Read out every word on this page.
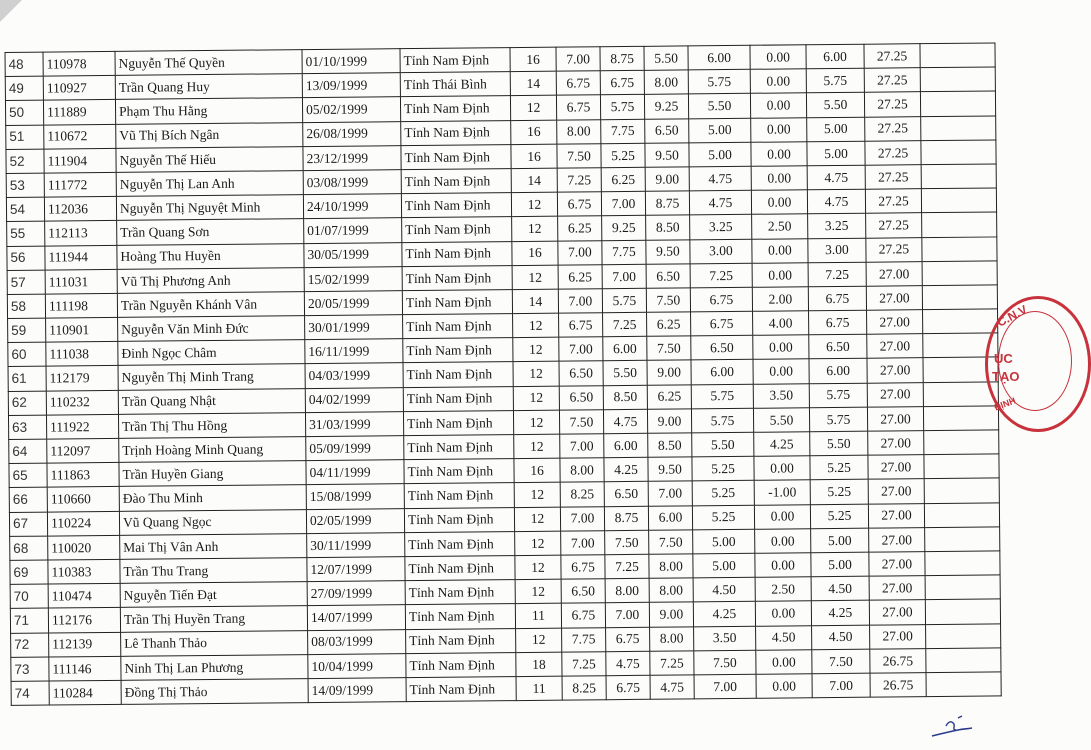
48	110978	Nguyễn Thế Quyền	01/10/1999	Tỉnh Nam Định	16	7.00	8.75	5.50	6.00	0.00	6.00	27.25	
49	110927	Trần Quang Huy	13/09/1999	Tỉnh Thái Bình	14	6.75	6.75	8.00	5.75	0.00	5.75	27.25	
50	111889	Phạm Thu Hằng	05/02/1999	Tỉnh Nam Định	12	6.75	5.75	9.25	5.50	0.00	5.50	27.25	
51	110672	Vũ Thị Bích Ngân	26/08/1999	Tỉnh Nam Định	16	8.00	7.75	6.50	5.00	0.00	5.00	27.25	
52	111904	Nguyễn Thế Hiếu	23/12/1999	Tỉnh Nam Định	16	7.50	5.25	9.50	5.00	0.00	5.00	27.25	
53	111772	Nguyễn Thị Lan Anh	03/08/1999	Tỉnh Nam Định	14	7.25	6.25	9.00	4.75	0.00	4.75	27.25	
54	112036	Nguyễn Thị Nguyệt Minh	24/10/1999	Tỉnh Nam Định	12	6.75	7.00	8.75	4.75	0.00	4.75	27.25	
55	112113	Trần Quang Sơn	01/07/1999	Tỉnh Nam Định	12	6.25	9.25	8.50	3.25	2.50	3.25	27.25	
56	111944	Hoàng Thu Huyền	30/05/1999	Tỉnh Nam Định	16	7.00	7.75	9.50	3.00	0.00	3.00	27.25	
57	111031	Vũ Thị Phương Anh	15/02/1999	Tỉnh Nam Định	12	6.25	7.00	6.50	7.25	0.00	7.25	27.00	
58	111198	Trần Nguyễn Khánh Vân	20/05/1999	Tỉnh Nam Định	14	7.00	5.75	7.50	6.75	2.00	6.75	27.00	
59	110901	Nguyễn Văn Minh Đức	30/01/1999	Tỉnh Nam Định	12	6.75	7.25	6.25	6.75	4.00	6.75	27.00	
60	111038	Đinh Ngọc Châm	16/11/1999	Tỉnh Nam Định	12	7.00	6.00	7.50	6.50	0.00	6.50	27.00	
61	112179	Nguyễn Thị Minh Trang	04/03/1999	Tỉnh Nam Định	12	6.50	5.50	9.00	6.00	0.00	6.00	27.00	
62	110232	Trần Quang Nhật	04/02/1999	Tỉnh Nam Định	12	6.50	8.50	6.25	5.75	3.50	5.75	27.00	
63	111922	Trần Thị Thu Hồng	31/03/1999	Tỉnh Nam Định	12	7.50	4.75	9.00	5.75	5.50	5.75	27.00	
64	112097	Trịnh Hoàng Minh Quang	05/09/1999	Tỉnh Nam Định	12	7.00	6.00	8.50	5.50	4.25	5.50	27.00	
65	111863	Trần Huyền Giang	04/11/1999	Tỉnh Nam Định	16	8.00	4.25	9.50	5.25	0.00	5.25	27.00	
66	110660	Đào Thu Minh	15/08/1999	Tỉnh Nam Định	12	8.25	6.50	7.00	5.25	-1.00	5.25	27.00	
67	110224	Vũ Quang Ngọc	02/05/1999	Tỉnh Nam Định	12	7.00	8.75	6.00	5.25	0.00	5.25	27.00	
68	110020	Mai Thị Vân Anh	30/11/1999	Tỉnh Nam Định	12	7.00	7.50	7.50	5.00	0.00	5.00	27.00	
69	110383	Trần Thu Trang	12/07/1999	Tỉnh Nam Định	12	6.75	7.25	8.00	5.00	0.00	5.00	27.00	
70	110474	Nguyễn Tiến Đạt	27/09/1999	Tỉnh Nam Định	12	6.50	8.00	8.00	4.50	2.50	4.50	27.00	
71	112176	Trần Thị Huyền Trang	14/07/1999	Tỉnh Nam Định	11	6.75	7.00	9.00	4.25	0.00	4.25	27.00	
72	112139	Lê Thanh Thảo	08/03/1999	Tỉnh Nam Định	12	7.75	6.75	8.00	3.50	4.50	4.50	27.00	
73	111146	Ninh Thị Lan Phương	10/04/1999	Tỉnh Nam Định	18	7.25	4.75	7.25	7.50	0.00	7.50	26.75	
74	110284	Đồng Thị Thảo	14/09/1999	Tỉnh Nam Định	11	8.25	6.75	4.75	7.00	0.00	7.00	26.75	
C.N.V
ỤC
TẠO
ĐỊNH
